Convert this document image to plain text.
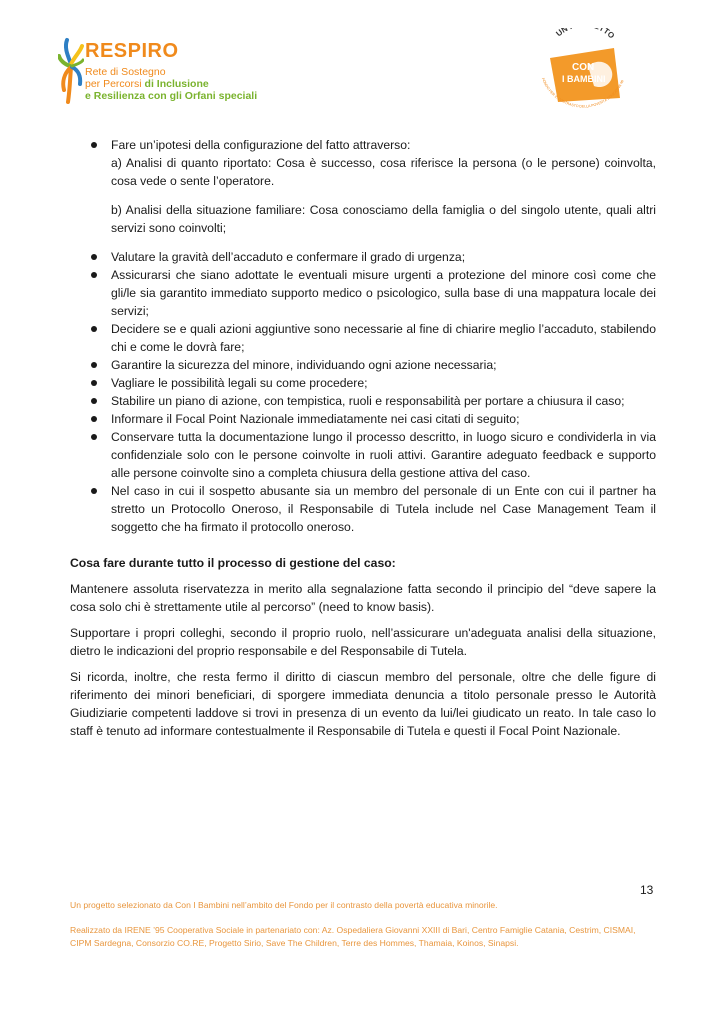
RESPIRO
Rete di Sostegno
per Percorsi di Inclusione
e Resilienza con gli Orfani speciali
UN TTO
CON
I BAMBINI
FONDO PER IL CONTRASTO DELLA POVERTÀ EDUCATIVA MI
Fare un’ipotesi della configurazione del fatto attraverso:

a) Analisi di quanto riportato: Cosa è successo, cosa riferisce la persona (o le persone) coinvolta, cosa vede o sente l’operatore.

b) Analisi della situazione familiare: Cosa conosciamo della famiglia o del singolo utente, quali altri servizi sono coinvolti;

Valutare la gravità dell’accaduto e confermare il grado di urgenza;
Assicurarsi che siano adottate le eventuali misure urgenti a protezione del minore così come che gli/le sia garantito immediato supporto medico o psicologico, sulla base di una mappatura locale dei servizi;
Decidere se e quali azioni aggiuntive sono necessarie al fine di chiarire meglio l’accaduto, stabilendo chi e come le dovrà fare;
Garantire la sicurezza del minore, individuando ogni azione necessaria;
Vagliare le possibilità legali su come procedere;
Stabilire un piano di azione, con tempistica, ruoli e responsabilità per portare a chiusura il caso;
Informare il Focal Point Nazionale immediatamente nei casi citati di seguito;
Conservare tutta la documentazione lungo il processo descritto, in luogo sicuro e condividerla in via confidenziale solo con le persone coinvolte in ruoli attivi. Garantire adeguato feedback e supporto alle persone coinvolte sino a completa chiusura della gestione attiva del caso.
Nel caso in cui il sospetto abusante sia un membro del personale di un Ente con cui il partner ha stretto un Protocollo Oneroso, il Responsabile di Tutela include nel Case Management Team il soggetto che ha firmato il protocollo oneroso.

Cosa fare durante tutto il processo di gestione del caso:

Mantenere assoluta riservatezza in merito alla segnalazione fatta secondo il principio del “deve sapere la cosa solo chi è strettamente utile al percorso” (need to know basis).

Supportare i propri colleghi, secondo il proprio ruolo, nell’assicurare un'adeguata analisi della situazione, dietro le indicazioni del proprio responsabile e del Responsabile di Tutela.

Si ricorda, inoltre, che resta fermo il diritto di ciascun membro del personale, oltre che delle figure di riferimento dei minori beneficiari, di sporgere immediata denuncia a titolo personale presso le Autorità Giudiziarie competenti laddove si trovi in presenza di un evento da lui/lei giudicato un reato. In tale caso lo staff è tenuto ad informare contestualmente il Responsabile di Tutela e questi il Focal Point Nazionale.

13
Un progetto selezionato da Con I Bambini nell’ambito del Fondo per il contrasto della povertà educativa minorile.
Realizzato da IRENE ’95 Cooperativa Sociale in partenariato con: Az. Ospedaliera Giovanni XXIII di Bari, Centro Famiglie Catania, Cestrim, CISMAI,
CIPM Sardegna, Consorzio CO.RE, Progetto Sirio, Save The Children, Terre des Hommes, Thamaia, Koinos, Sinapsi.
